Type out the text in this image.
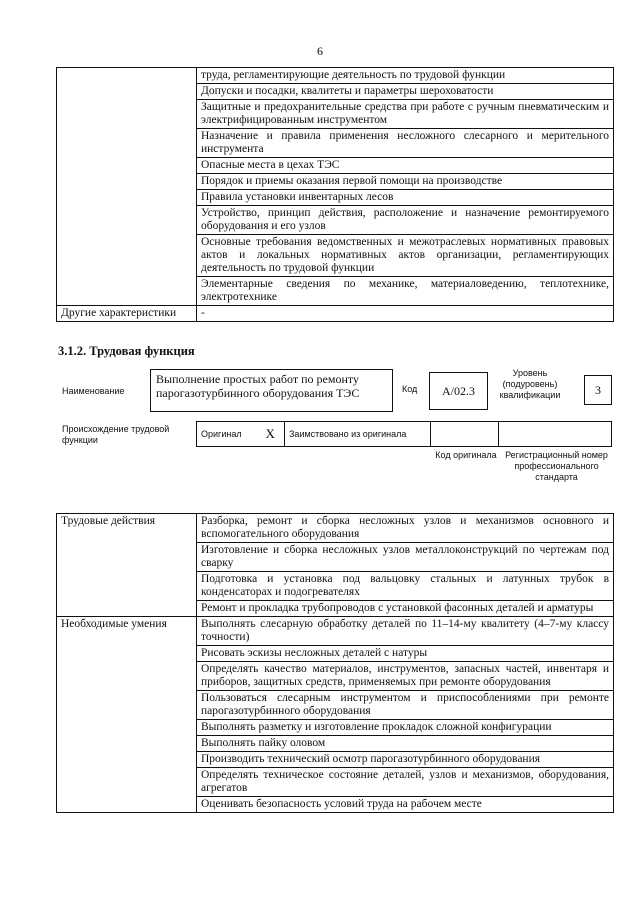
6
	труда, регламентирующие деятельность по трудовой функции
	Допуски и посадки, квалитеты и параметры шероховатости
	Защитные и предохранительные средства при работе с ручным пневматическим и электрифицированным инструментом
	Назначение и правила применения несложного слесарного и мерительного инструмента
	Опасные места в цехах ТЭС
	Порядок и приемы оказания первой помощи на производстве
	Правила установки инвентарных лесов
	Устройство, принцип действия, расположение и назначение ремонтируемого оборудования и его узлов
	Основные требования ведомственных и межотраслевых нормативных правовых актов и локальных нормативных актов организации, регламентирующих деятельность по трудовой функции
	Элементарные сведения по механике, материаловедению, теплотехнике, электротехнике
Другие характеристики	-
3.1.2. Трудовая функция
Наименование
Выполнение простых работ по ремонту парогазотурбинного оборудования ТЭС	Код	A/02.3
Уровень (подуровень) квалификации	3
Происхождение трудовой функции
Оригинал	X	Заимствовано из оригинала		
Код оригинала Регистрационный номер профессионального стандарта
Трудовые действия	Разборка, ремонт и сборка несложных узлов и механизмов основного и вспомогательного оборудования
	Изготовление и сборка несложных узлов металлоконструкций по чертежам под сварку
	Подготовка и установка под вальцовку стальных и латунных трубок в конденсаторах и подогревателях
	Ремонт и прокладка трубопроводов с установкой фасонных деталей и арматуры
Необходимые умения	Выполнять слесарную обработку деталей по 11–14-му квалитету (4–7-му классу точности)
	Рисовать эскизы несложных деталей с натуры
	Определять качество материалов, инструментов, запасных частей, инвентаря и приборов, защитных средств, применяемых при ремонте оборудования
	Пользоваться слесарным инструментом и приспособлениями при ремонте парогазотурбинного оборудования
	Выполнять разметку и изготовление прокладок сложной конфигурации
	Выполнять пайку оловом
	Производить технический осмотр парогазотурбинного оборудования
	Определять техническое состояние деталей, узлов и механизмов, оборудования, агрегатов
	Оценивать безопасность условий труда на рабочем месте
